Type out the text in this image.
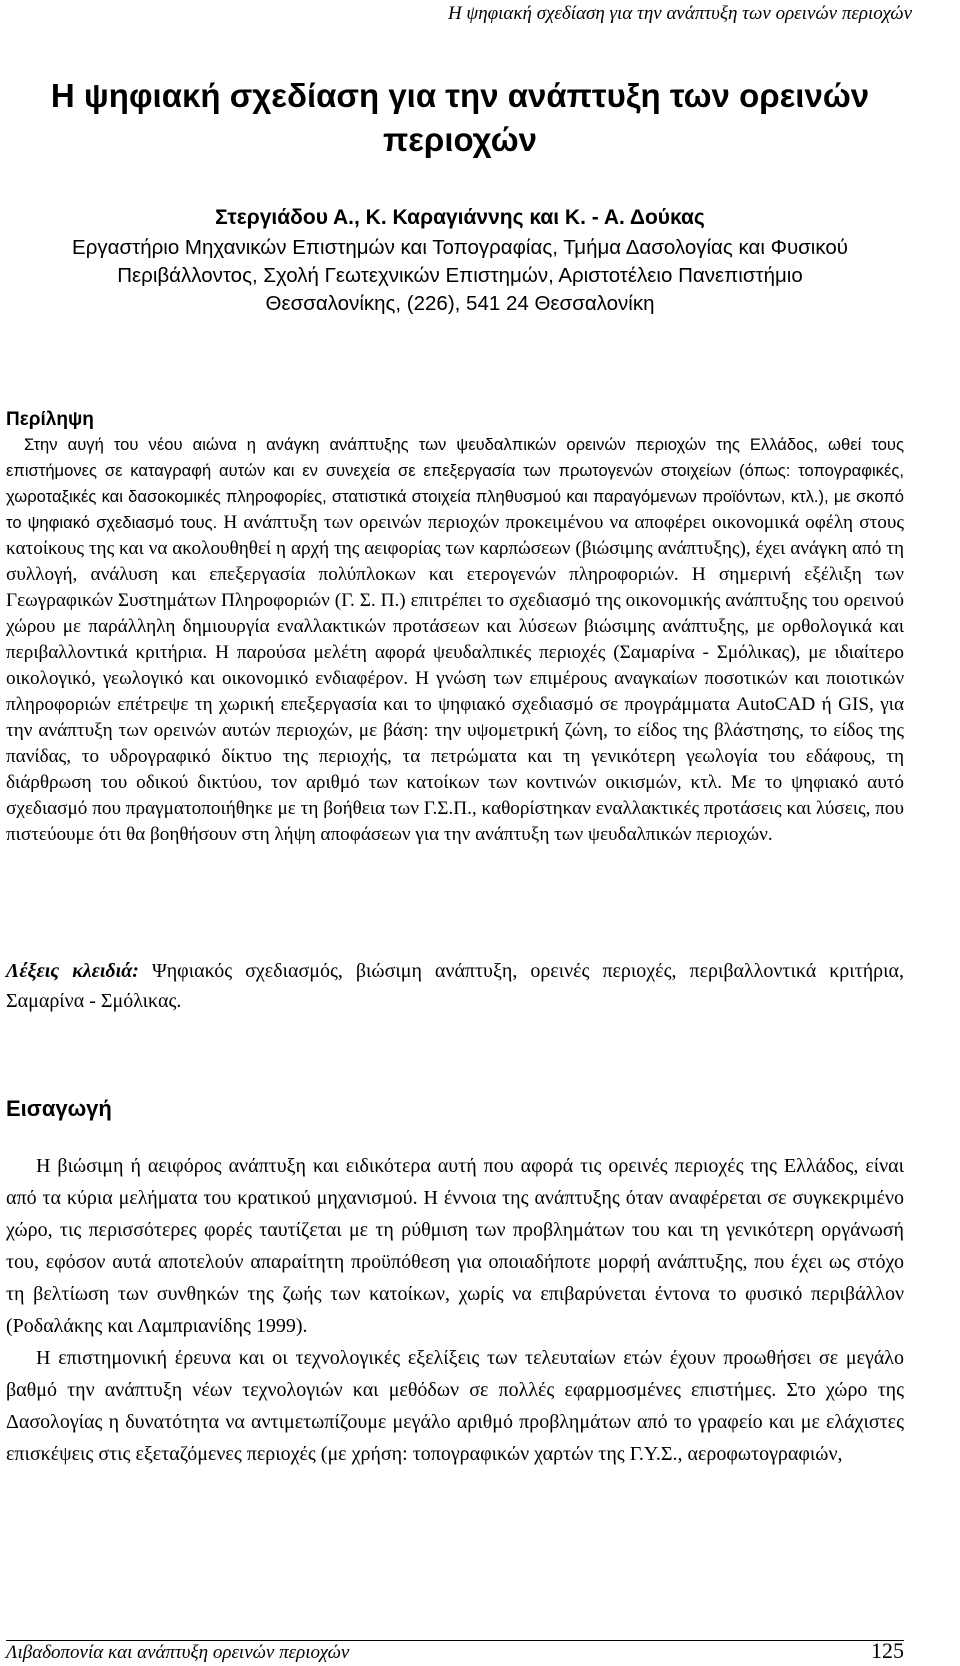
Η ψηφιακή σχεδίαση για την ανάπτυξη των ορεινών περιοχών
Η ψηφιακή σχεδίαση για την ανάπτυξη των ορεινών περιοχών
Στεργιάδου Α., Κ. Καραγιάννης και Κ. - Α. Δούκας
Εργαστήριο Μηχανικών Επιστημών και Τοπογραφίας, Τμήμα Δασολογίας και Φυσικού Περιβάλλοντος, Σχολή Γεωτεχνικών Επιστημών, Αριστοτέλειο Πανεπιστήμιο Θεσσαλονίκης, (226), 541 24 Θεσσαλονίκη
Περίληψη
Στην αυγή του νέου αιώνα η ανάγκη ανάπτυξης των ψευδαλπικών ορεινών περιοχών της Ελλάδος, ωθεί τους επιστήμονες σε καταγραφή αυτών και εν συνεχεία σε επεξεργασία των πρωτογενών στοιχείων (όπως: τοπογραφικές, χωροταξικές και δασοκομικές πληροφορίες, στατιστικά στοιχεία πληθυσμού και παραγόμενων προϊόντων, κτλ.), με σκοπό το ψηφιακό σχεδιασμό τους. Η ανάπτυξη των ορεινών περιοχών προκειμένου να αποφέρει οικονομικά οφέλη στους κατοίκους της και να ακολουθηθεί η αρχή της αειφορίας των καρπώσεων (βιώσιμης ανάπτυξης), έχει ανάγκη από τη συλλογή, ανάλυση και επεξεργασία πολύπλοκων και ετερογενών πληροφοριών. Η σημερινή εξέλιξη των Γεωγραφικών Συστημάτων Πληροφοριών (Γ. Σ. Π.) επιτρέπει το σχεδιασμό της οικονομικής ανάπτυξης του ορεινού χώρου με παράλληλη δημιουργία εναλλακτικών προτάσεων και λύσεων βιώσιμης ανάπτυξης, με ορθολογικά και περιβαλλοντικά κριτήρια. Η παρούσα μελέτη αφορά ψευδαλπικές περιοχές (Σαμαρίνα - Σμόλικας), με ιδιαίτερο οικολογικό, γεωλογικό και οικονομικό ενδιαφέρον. Η γνώση των επιμέρους αναγκαίων ποσοτικών και ποιοτικών πληροφοριών επέτρεψε τη χωρική επεξεργασία και το ψηφιακό σχεδιασμό σε προγράμματα AutoCAD ή GIS, για την ανάπτυξη των ορεινών αυτών περιοχών, με βάση: την υψομετρική ζώνη, το είδος της βλάστησης, το είδος της πανίδας, το υδρογραφικό δίκτυο της περιοχής, τα πετρώματα και τη γενικότερη γεωλογία του εδάφους, τη διάρθρωση του οδικού δικτύου, τον αριθμό των κατοίκων των κοντινών οικισμών, κτλ. Με το ψηφιακό αυτό σχεδιασμό που πραγματοποιήθηκε με τη βοήθεια των Γ.Σ.Π., καθορίστηκαν εναλλακτικές προτάσεις και λύσεις, που πιστεύουμε ότι θα βοηθήσουν στη λήψη αποφάσεων για την ανάπτυξη των ψευδαλπικών περιοχών.
Λέξεις κλειδιά: Ψηφιακός σχεδιασμός, βιώσιμη ανάπτυξη, ορεινές περιοχές, περιβαλλοντικά κριτήρια, Σαμαρίνα - Σμόλικας.
Εισαγωγή

Η βιώσιμη ή αειφόρος ανάπτυξη και ειδικότερα αυτή που αφορά τις ορεινές περιοχές της Ελλάδος, είναι από τα κύρια μελήματα του κρατικού μηχανισμού. Η έννοια της ανάπτυξης όταν αναφέρεται σε συγκεκριμένο χώρο, τις περισσότερες φορές ταυτίζεται με τη ρύθμιση των προβλημάτων του και τη γενικότερη οργάνωσή του, εφόσον αυτά αποτελούν απαραίτητη προϋπόθεση για οποιαδήποτε μορφή ανάπτυξης, που έχει ως στόχο τη βελτίωση των συνθηκών της ζωής των κατοίκων, χωρίς να επιβαρύνεται έντονα το φυσικό περιβάλλον (Ροδαλάκης και Λαμπριανίδης 1999).

Η επιστημονική έρευνα και οι τεχνολογικές εξελίξεις των τελευταίων ετών έχουν προωθήσει σε μεγάλο βαθμό την ανάπτυξη νέων τεχνολογιών και μεθόδων σε πολλές εφαρμοσμένες επιστήμες. Στο χώρο της Δασολογίας η δυνατότητα να αντιμετωπίζουμε μεγάλο αριθμό προβλημάτων από το γραφείο και με ελάχιστες επισκέψεις στις εξεταζόμενες περιοχές (με χρήση: τοπογραφικών χαρτών της Γ.Υ.Σ., αεροφωτογραφιών,

Λιβαδοπονία και ανάπτυξη ορεινών περιοχών	125
